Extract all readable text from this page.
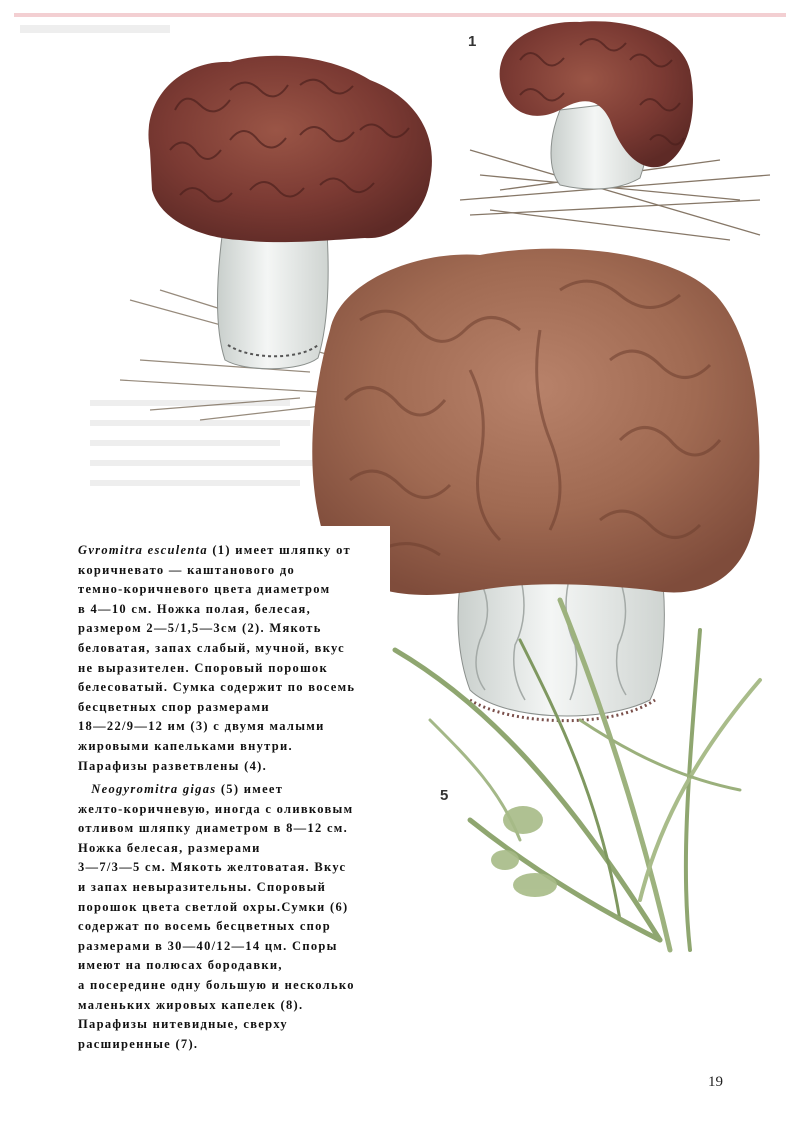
1
5
Gvromitra esculenta (1) имеет шляпку от
коричневато — каштанового до
темно-коричневого цвета диаметром
в 4—10 см. Ножка полая, белесая,
размером 2—5/1,5—3см (2). Мякоть
беловатая, запах слабый, мучной, вкус
не выразителен. Споровый порошок
белесоватый. Сумка содержит по восемь
бесцветных спор размерами
18—22/9—12 им (3) с двумя малыми
жировыми капельками внутри.
Парафизы разветвлены (4).
Neogyromitra gigas (5) имеет
желто-коричневую, иногда с оливковым
отливом шляпку диаметром в 8—12 см.
Ножка белесая, размерами
3—7/3—5 см. Мякоть желтоватая. Вкус
и запах невыразительны. Споровый
порошок цвета светлой охры.Сумки (6)
содержат по восемь бесцветных спор
размерами в 30—40/12—14 цм. Споры
имеют на полюсах бородавки,
а посередине одну большую и несколько
маленьких жировых капелек (8).
Парафизы нитевидные, сверху
расширенные (7).
19
